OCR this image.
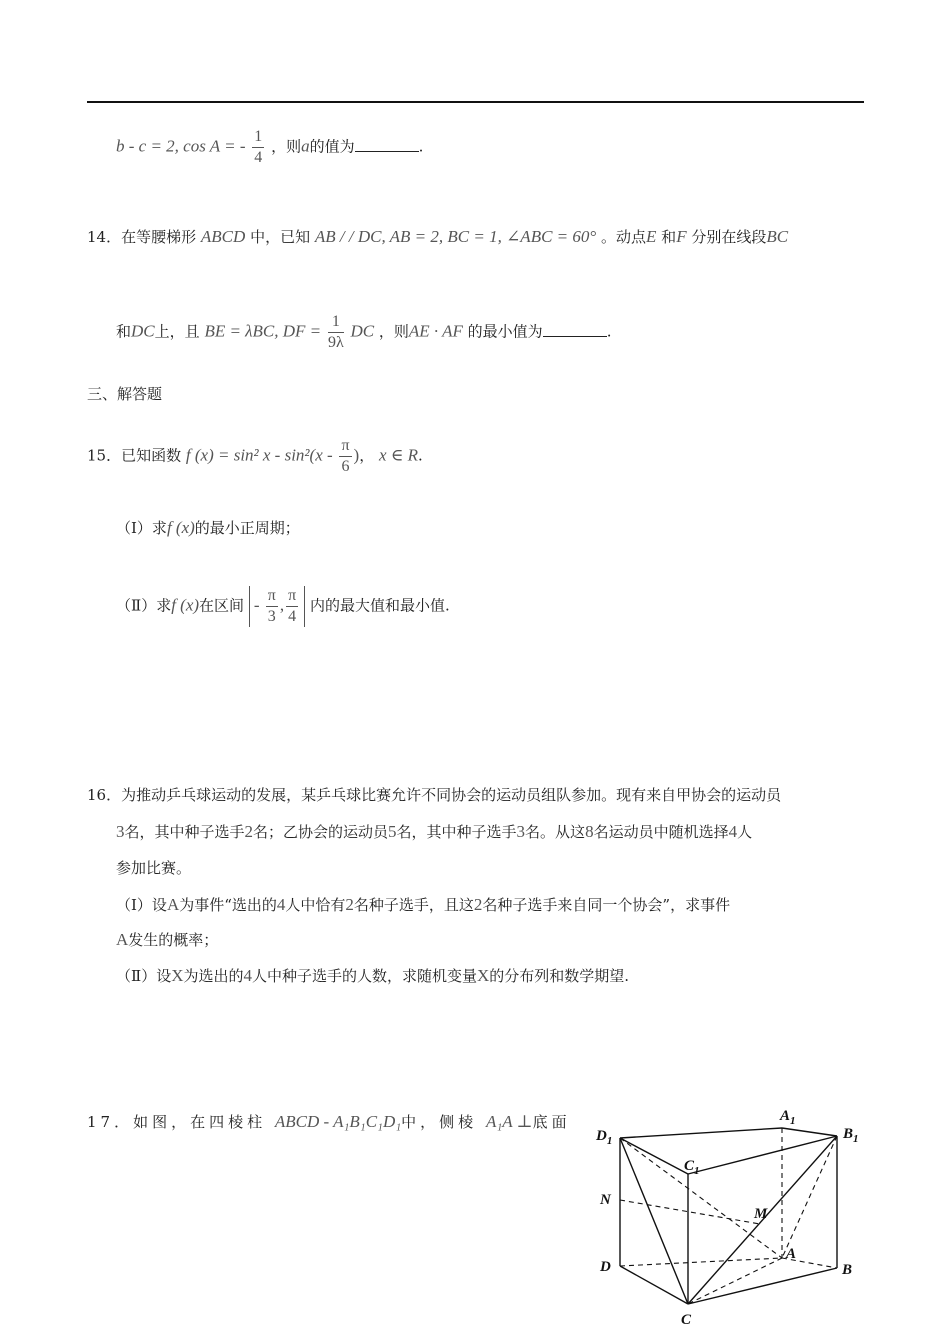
b - c = 2, cos A = - $\frac{1}{4}$ ，则a的值为	.
14．在等腰梯形 ABCD 中，已知 AB / / DC, AB = 2, BC = 1, ∠ABC = 60° 。动点E 和F 分别在线段BC
和DC上，且 BE = λBC, DF = $\frac{1}{9\lambda}$ DC ，则AE · AF 的最小值为	.
三、解答题
15．已知函数 f (x) = sin² x - $\sin^2(x - \frac{\pi}{6}$ )， x ∈ R.
（Ⅰ）求f (x)的最小正周期；
（Ⅱ）求f (x)在区间 - $\frac{\pi}{3}$ , $\frac{\pi}{4}$ 内的最大值和最小值.
16．为推动乒乓球运动的发展，某乒乓球比赛允许不同协会的运动员组队参加。现有来自甲协会的运动员
3名，其中种子选手2名；乙协会的运动员5名，其中种子选手3名。从这8名运动员中随机选择4人
参加比赛。
（Ⅰ）设A为事件“选出的4人中恰有2名种子选手，且这2名种子选手来自同一个协会”，求事件
A发生的概率；
（Ⅱ）设X为选出的4人中种子选手的人数，求随机变量X的分布列和数学期望.
17．如图，在四棱柱 ABCD - A₁B₁C₁D₁中，侧棱 A₁A ⊥底面
$D_1$
$A_1$
$B_1$
$C_1$
N
M
A
D	B
C
